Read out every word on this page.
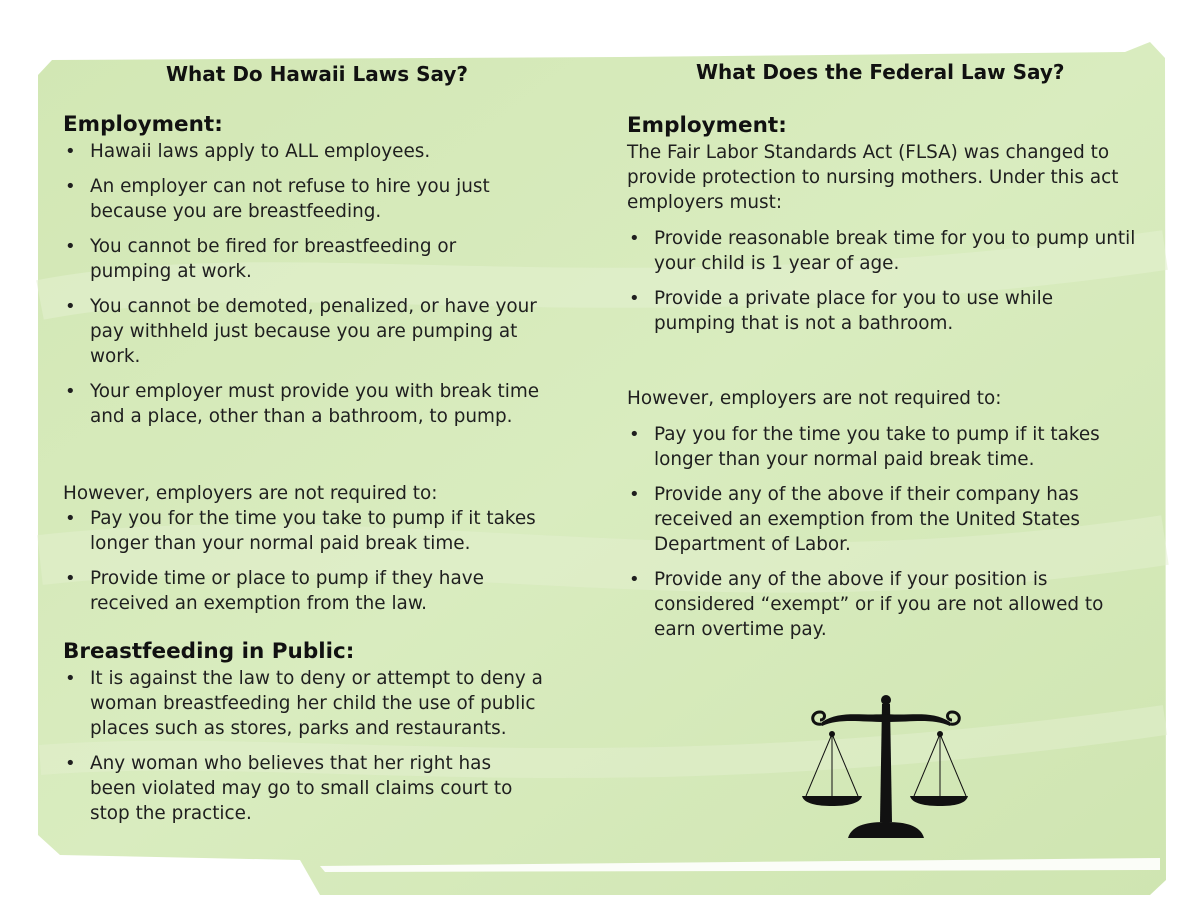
What Do Hawaii Laws Say?
Employment:
• Hawaii laws apply to ALL employees.
• An employer can not refuse to hire you just because you are breastfeeding.
• You cannot be fired for breastfeeding or pumping at work.
• You cannot be demoted, penalized, or have your pay withheld just because you are pumping at work.
• Your employer must provide you with break time and a place, other than a bathroom, to pump.

However, employers are not required to:

• Pay you for the time you take to pump if it takes longer than your normal paid break time.
• Provide time or place to pump if they have received an exemption from the law.
Breastfeeding in Public:
• It is against the law to deny or attempt to deny a woman breastfeeding her child the use of public places such as stores, parks and restaurants.
• Any woman who believes that her right has been violated may go to small claims court to stop the practice.
What Does the Federal Law Say?
Employment:

The Fair Labor Standards Act (FLSA) was changed to provide protection to nursing mothers. Under this act employers must:

• Provide reasonable break time for you to pump until your child is 1 year of age.
• Provide a private place for you to use while pumping that is not a bathroom.

However, employers are not required to:

• Pay you for the time you take to pump if it takes longer than your normal paid break time.
• Provide any of the above if their company has received an exemption from the United States Department of Labor.
• Provide any of the above if your position is considered “exempt” or if you are not allowed to earn overtime pay.
